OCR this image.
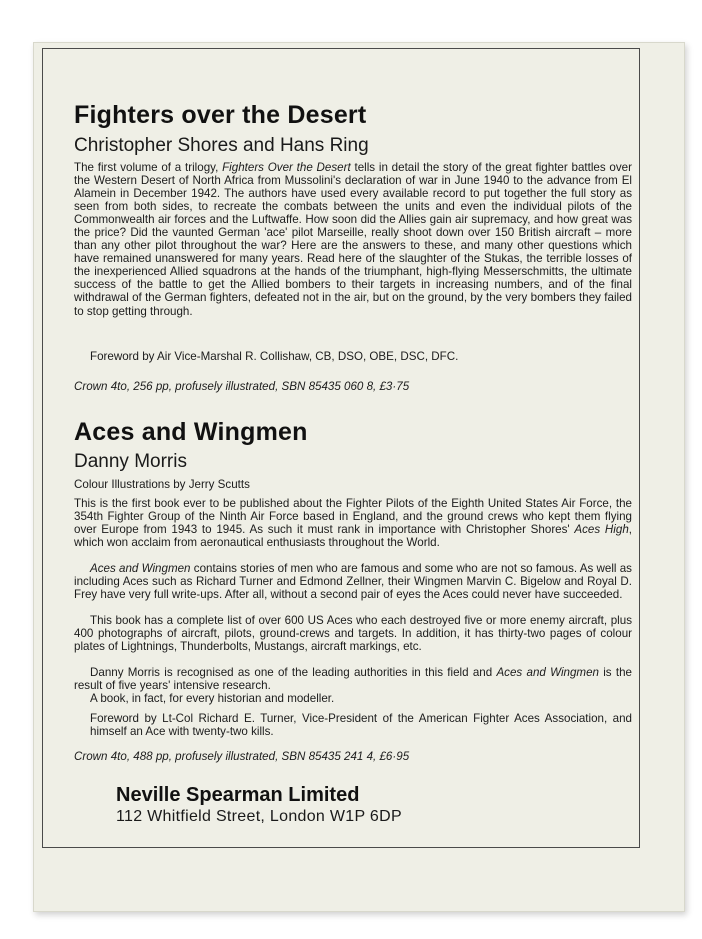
Fighters over the Desert
Christopher Shores and Hans Ring

The first volume of a trilogy, Fighters Over the Desert tells in detail the story of the great fighter battles over the Western Desert of North Africa from Mussolini's declaration of war in June 1940 to the advance from El Alamein in December 1942. The authors have used every available record to put together the full story as seen from both sides, to recreate the combats between the units and even the individual pilots of the Commonwealth air forces and the Luftwaffe. How soon did the Allies gain air supremacy, and how great was the price? Did the vaunted German 'ace' pilot Marseille, really shoot down over 150 British aircraft – more than any other pilot throughout the war? Here are the answers to these, and many other questions which have remained unanswered for many years. Read here of the slaughter of the Stukas, the terrible losses of the inexperienced Allied squadrons at the hands of the triumphant, high-flying Messerschmitts, the ultimate success of the battle to get the Allied bombers to their targets in increasing numbers, and of the final withdrawal of the German fighters, defeated not in the air, but on the ground, by the very bombers they failed to stop getting through.

Foreword by Air Vice-Marshal R. Collishaw, CB, DSO, OBE, DSC, DFC.

Crown 4to, 256 pp, profusely illustrated, SBN 85435 060 8, £3·75
Aces and Wingmen
Danny Morris
Colour Illustrations by Jerry Scutts

This is the first book ever to be published about the Fighter Pilots of the Eighth United States Air Force, the 354th Fighter Group of the Ninth Air Force based in England, and the ground crews who kept them flying over Europe from 1943 to 1945. As such it must rank in importance with Christopher Shores' Aces High, which won acclaim from aeronautical enthusiasts throughout the World.

Aces and Wingmen contains stories of men who are famous and some who are not so famous. As well as including Aces such as Richard Turner and Edmond Zellner, their Wingmen Marvin C. Bigelow and Royal D. Frey have very full write-ups. After all, without a second pair of eyes the Aces could never have succeeded.

This book has a complete list of over 600 US Aces who each destroyed five or more enemy aircraft, plus 400 photographs of aircraft, pilots, ground-crews and targets. In addition, it has thirty-two pages of colour plates of Lightnings, Thunderbolts, Mustangs, aircraft markings, etc.

Danny Morris is recognised as one of the leading authorities in this field and Aces and Wingmen is the result of five years' intensive research.

A book, in fact, for every historian and modeller.

Foreword by Lt-Col Richard E. Turner, Vice-President of the American Fighter Aces Association, and himself an Ace with twenty-two kills.

Crown 4to, 488 pp, profusely illustrated, SBN 85435 241 4, £6·95
Neville Spearman Limited
112 Whitfield Street, London W1P 6DP
